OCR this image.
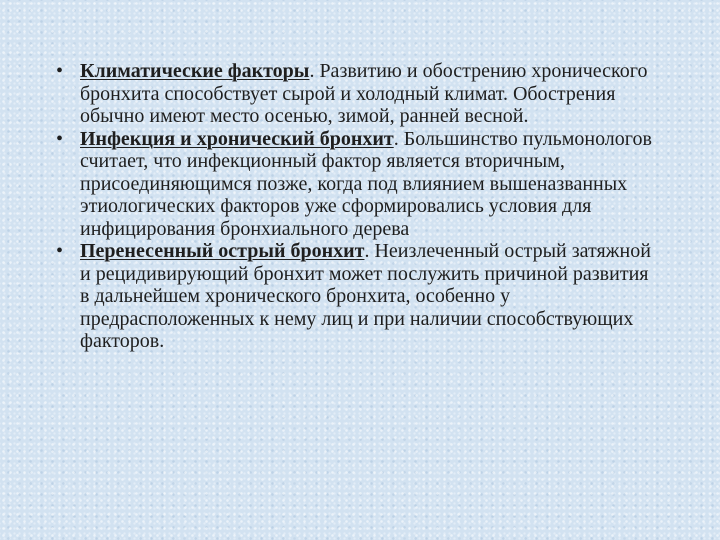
• Климатические факторы. Развитию и обострению хронического бронхита способствует сырой и холодный климат. Обострения обычно имеют место осенью, зимой, ранней весной.
• Инфекция и хронический бронхит. Большинство пульмонологов считает, что инфекционный фактор является вторичным, присоединяющимся позже, когда под влиянием вышеназванных этиологических факторов уже сформировались условия для инфицирования бронхиального дерева
• Перенесенный острый бронхит. Неизлеченный острый затяжной и рецидивирующий бронхит может послужить причиной развития в дальнейшем хронического бронхита, особенно у предрасположенных к нему лиц и при наличии способствующих факторов.
